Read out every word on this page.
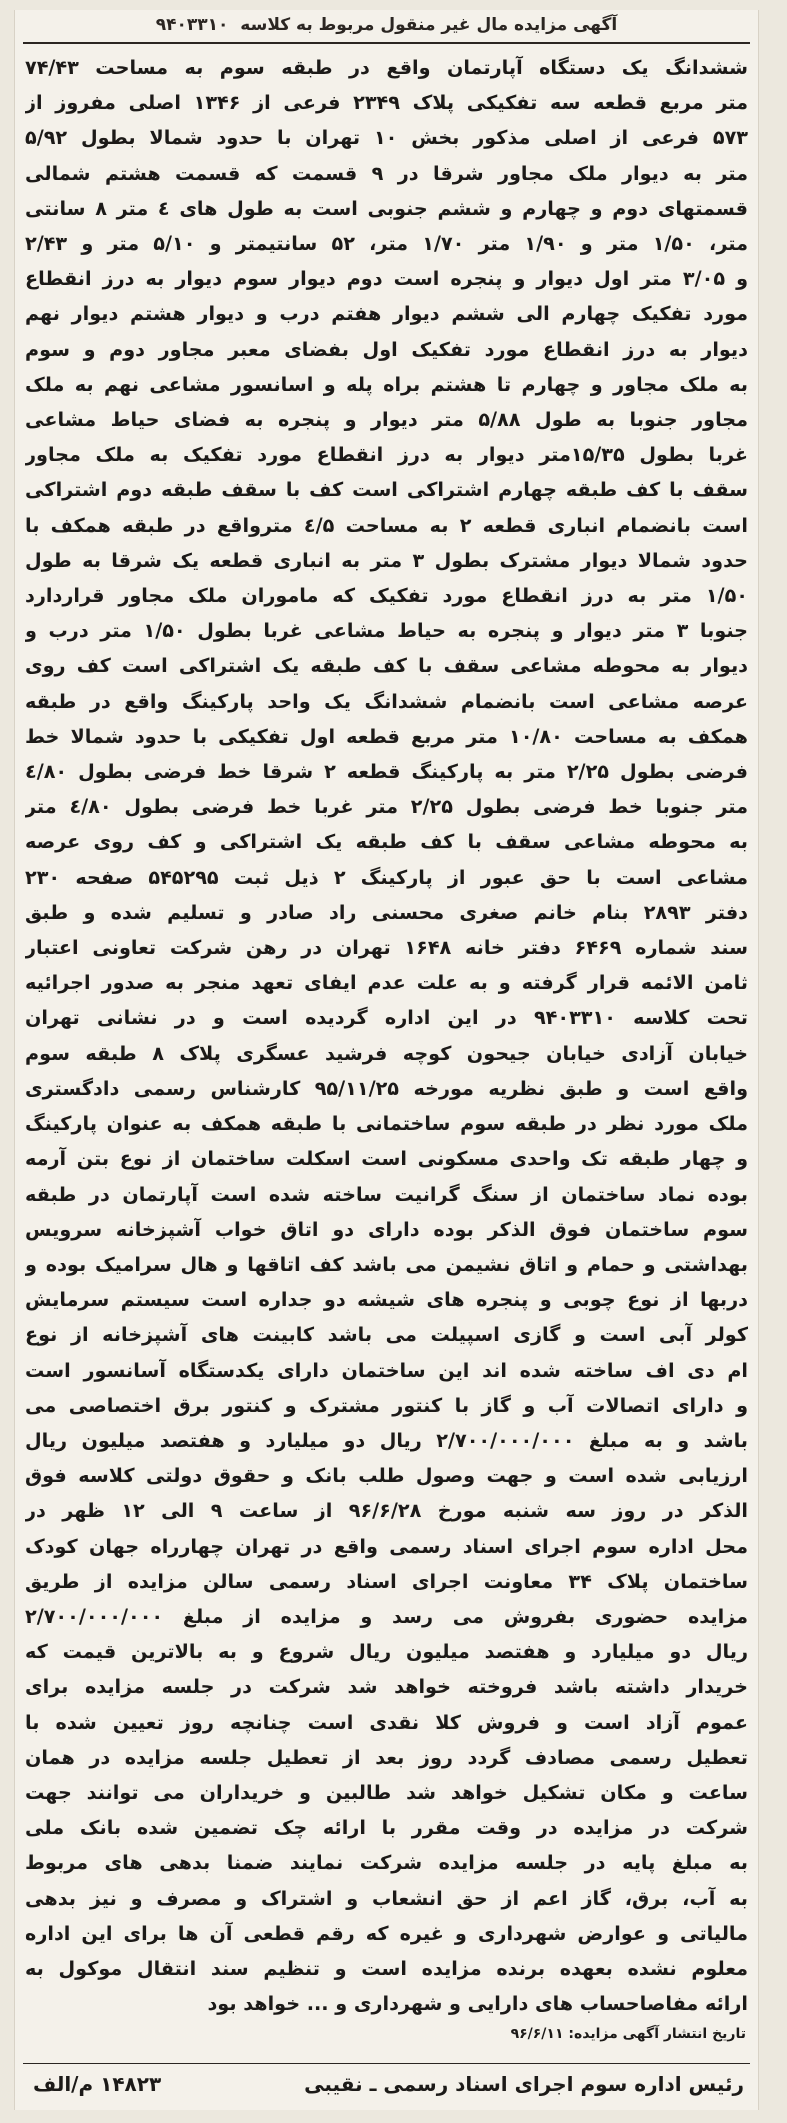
آگهی مزایده مال غیر منقول مربوط به کلاسه ۹۴۰۳۳۱۰
ششدانگ یک دستگاه آپارتمان واقع در طبقه سوم به مساحت ۷۴/۴۳
متر مربع قطعه سه تفکیکی پلاک ۲۳۴۹ فرعی از ۱۳۴۶ اصلی مفروز از
۵۷۳ فرعی از اصلی مذکور بخش ۱۰ تهران با حدود شمالا بطول ۵/۹۲
متر به دیوار ملک مجاور شرقا در ۹ قسمت که قسمت هشتم شمالی
قسمتهای دوم و چهارم و ششم جنوبی است به طول های ٤ متر ۸ سانتی
متر، ۱/۵۰ متر و ۱/۹۰ متر ۱/۷۰ متر، ۵۲ سانتیمتر و ۵/۱۰ متر و ۲/۴۳
و ۳/۰۵ متر اول دیوار و پنجره است دوم دیوار سوم دیوار به درز انقطاع
مورد تفکیک چهارم الی ششم دیوار هفتم درب و دیوار هشتم دیوار نهم
دیوار به درز انقطاع مورد تفکیک اول بفضای معبر مجاور دوم و سوم
به ملک مجاور و چهارم تا هشتم براه پله و اسانسور مشاعی نهم به ملک
مجاور جنوبا به طول ۵/۸۸ متر دیوار و پنجره به فضای حیاط مشاعی
غربا بطول ۱۵/۳۵متر دیوار به درز انقطاع مورد تفکیک به ملک مجاور
سقف با کف طبقه چهارم اشتراکی است کف با سقف طبقه دوم اشتراکی
است بانضمام انباری قطعه ۲ به مساحت ٤/۵ مترواقع در طبقه همکف با
حدود شمالا دیوار مشترک بطول ۳ متر به انباری قطعه یک شرقا به طول
۱/۵۰ متر به درز انقطاع مورد تفکیک که ماموران ملک مجاور قراردارد
جنوبا ۳ متر دیوار و پنجره به حیاط مشاعی غربا بطول ۱/۵۰ متر درب و
دیوار به محوطه مشاعی سقف با کف طبقه یک اشتراکی است کف روی
عرصه مشاعی است بانضمام ششدانگ یک واحد پارکینگ واقع در طبقه
همکف به مساحت ۱۰/۸۰ متر مربع قطعه اول تفکیکی با حدود شمالا خط
فرضی بطول ۲/۲۵ متر به پارکینگ قطعه ۲ شرقا خط فرضی بطول ٤/۸۰
متر جنوبا خط فرضی بطول ۲/۲۵ متر غربا خط فرضی بطول ٤/۸۰ متر
به محوطه مشاعی سقف با کف طبقه یک اشتراکی و کف روی عرصه
مشاعی است با حق عبور از پارکینگ ۲ ذیل ثبت ۵۴۵۲۹۵ صفحه ۲۳۰
دفتر ۲۸۹۳ بنام خانم صغری محسنی راد صادر و تسلیم شده و طبق
سند شماره ۶۴۶۹ دفتر خانه ۱۶۴۸ تهران در رهن شرکت تعاونی اعتبار
ثامن الائمه قرار گرفته و به علت عدم ایفای تعهد منجر به صدور اجرائیه
تحت کلاسه ۹۴۰۳۳۱۰ در این اداره گردیده است و در نشانی تهران
خیابان آزادی خیابان جیحون کوچه فرشید عسگری پلاک ۸ طبقه سوم
واقع است و طبق نظریه مورخه ۹۵/۱۱/۲۵ کارشناس رسمی دادگستری
ملک مورد نظر در طبقه سوم ساختمانی با طبقه همکف به عنوان پارکینگ
و چهار طبقه تک واحدی مسکونی است اسکلت ساختمان از نوع بتن آرمه
بوده نماد ساختمان از سنگ گرانیت ساخته شده است آپارتمان در طبقه
سوم ساختمان فوق الذکر بوده دارای دو اتاق خواب آشپزخانه سرویس
بهداشتی و حمام و اتاق نشیمن می باشد کف اتاقها و هال سرامیک بوده و
دربها از نوع چوبی و پنجره های شیشه دو جداره است سیستم سرمایش
کولر آبی است و گازی اسپیلت می باشد کابینت های آشپزخانه از نوع
ام دی اف ساخته شده اند این ساختمان دارای یکدستگاه آسانسور است
و دارای اتصالات آب و گاز با کنتور مشترک و کنتور برق اختصاصی می
باشد و به مبلغ ۲/۷۰۰/۰۰۰/۰۰۰ ریال دو میلیارد و هفتصد میلیون ریال
ارزیابی شده است و جهت وصول طلب بانک و حقوق دولتی کلاسه فوق
الذکر در روز سه شنبه مورخ ۹۶/۶/۲۸ از ساعت ۹ الی ۱۲ ظهر در
محل اداره سوم اجرای اسناد رسمی واقع در تهران چهارراه جهان کودک
ساختمان پلاک ۳۴ معاونت اجرای اسناد رسمی سالن مزایده از طریق
مزایده حضوری بفروش می رسد و مزایده از مبلغ ۲/۷۰۰/۰۰۰/۰۰۰
ریال دو میلیارد و هفتصد میلیون ریال شروع و به بالاترین قیمت که
خریدار داشته باشد فروخته خواهد شد شرکت در جلسه مزایده برای
عموم آزاد است و فروش کلا نقدی است چنانچه روز تعیین شده با
تعطیل رسمی مصادف گردد روز بعد از تعطیل جلسه مزایده در همان
ساعت و مکان تشکیل خواهد شد طالبین و خریداران می توانند جهت
شرکت در مزایده در وقت مقرر با ارائه چک تضمین شده بانک ملی
به مبلغ پایه در جلسه مزایده شرکت نمایند ضمنا بدهی های مربوط
به آب، برق، گاز اعم از حق انشعاب و اشتراک و مصرف و نیز بدهی
مالیاتی و عوارض شهرداری و غیره که رقم قطعی آن ها برای این اداره
معلوم نشده بعهده برنده مزایده است و تنظیم سند انتقال موکول به
ارائه مفاصاحساب های دارایی و شهرداری و ... خواهد بود
تاریخ انتشار آگهی مزایده: ۹۶/۶/۱۱
رئیس اداره سوم اجرای اسناد رسمی ـ نقیبی
۱۴۸۲۳ م/الف
